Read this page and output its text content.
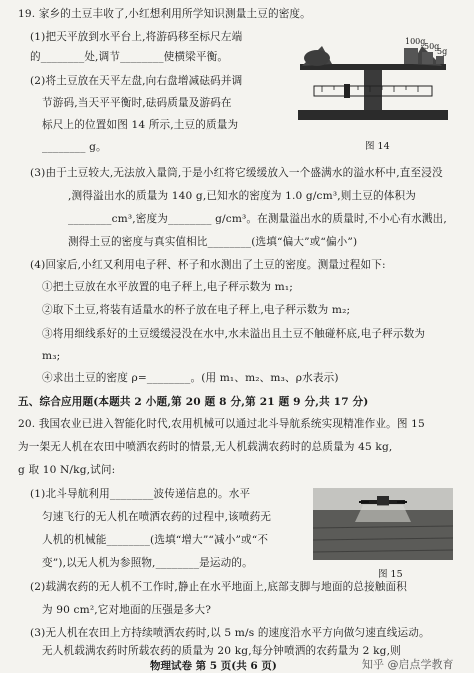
19. 家乡的土豆丰收了,小红想利用所学知识测量土豆的密度。
(1)把天平放到水平台上,将游码移至标尺左端
的________处,调节________使横梁平衡。
(2)将土豆放在天平左盘,向右盘增减砝码并调
节游码,当天平平衡时,砝码质量及游码在
标尺上的位置如图 14 所示,土豆的质量为
________ g。
100g
50g
5g
图 14
(3)由于土豆较大,无法放入量筒,于是小红将它缓缓放入一个盛满水的溢水杯中,直至浸没
,测得溢出水的质量为 140 g,已知水的密度为 1.0 g/cm³,则土豆的体积为
________cm³,密度为________ g/cm³。在测量溢出水的质量时,不小心有水溅出,
测得土豆的密度与真实值相比________(选填“偏大”或“偏小”)
(4)回家后,小红又利用电子秤、杯子和水测出了土豆的密度。测量过程如下:
①把土豆放在水平放置的电子秤上,电子秤示数为 m₁;
②取下土豆,将装有适量水的杯子放在电子秤上,电子秤示数为 m₂;
③将用细线系好的土豆缓缓浸没在水中,水未溢出且土豆不触碰杯底,电子秤示数为
m₃;
④求出土豆的密度 ρ=________。(用 m₁、m₂、m₃、ρ水表示)
五、综合应用题(本题共 2 小题,第 20 题 8 分,第 21 题 9 分,共 17 分)
20. 我国农业已进入智能化时代,农用机械可以通过北斗导航系统实现精准作业。图 15
为一架无人机在农田中喷洒农药时的情景,无人机载满农药时的总质量为 45 kg,
g 取 10 N/kg,试问:
(1)北斗导航利用________波传递信息的。水平
匀速飞行的无人机在喷洒农药的过程中,该喷药无
人机的机械能________(选填“增大”“减小”或“不
变”),以无人机为参照物,________是运动的。
图 15
(2)载满农药的无人机不工作时,静止在水平地面上,底部支脚与地面的总接触面积
为 90 cm²,它对地面的压强是多大?
(3)无人机在农田上方持续喷洒农药时,以 5 m/s 的速度沿水平方向做匀速直线运动。
无人机载满农药时所载农药的质量为 20 kg,每分钟喷洒的农药量为 2 kg,则
物理试卷 第 5 页(共 6 页)	知乎 @启点学教育
